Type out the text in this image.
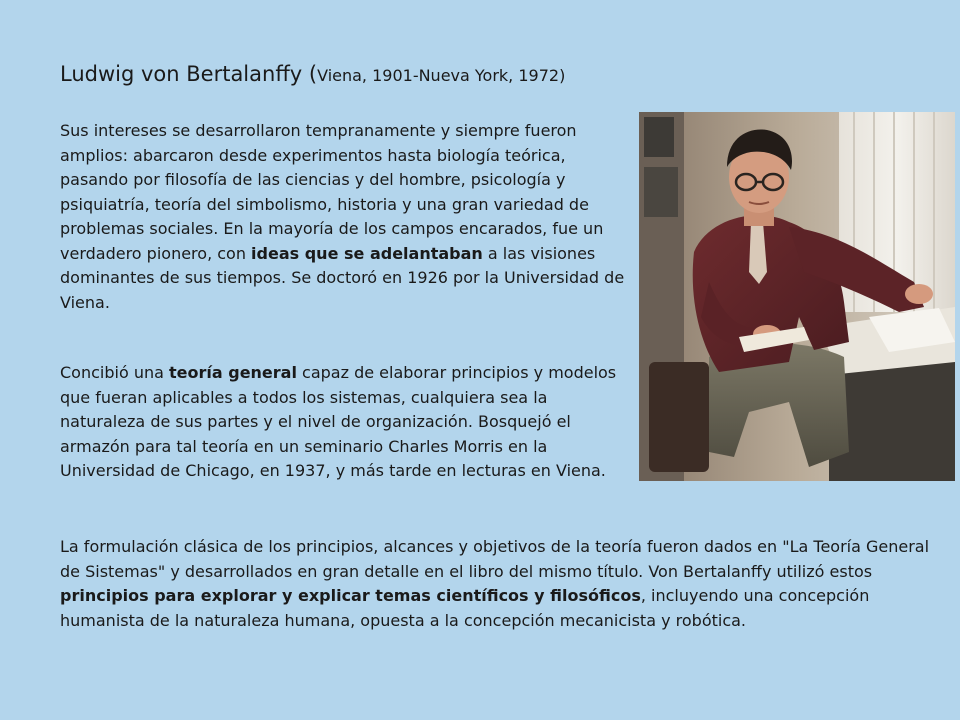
Ludwig von Bertalanffy (Viena, 1901-Nueva York, 1972)

Sus intereses se desarrollaron tempranamente y siempre fueron amplios: abarcaron desde experimentos hasta biología teórica, pasando por filosofía de las ciencias y del hombre, psicología y psiquiatría, teoría del simbolismo, historia y una gran variedad de problemas sociales. En la mayoría de los campos encarados, fue un verdadero pionero, con ideas que se adelantaban a las visiones dominantes de sus tiempos. Se doctoró en 1926 por la Universidad de Viena.

Concibió una teoría general capaz de elaborar principios y modelos que fueran aplicables a todos los sistemas, cualquiera sea la naturaleza de sus partes y el nivel de organización. Bosquejó el armazón para tal teoría en un seminario Charles Morris en la Universidad de Chicago, en 1937, y más tarde en lecturas en Viena.

La formulación clásica de los principios, alcances y objetivos de la teoría fueron dados en "La Teoría General de Sistemas" y desarrollados en gran detalle en el libro del mismo título. Von Bertalanffy utilizó estos principios para explorar y explicar temas científicos y filosóficos, incluyendo una concepción humanista de la naturaleza humana, opuesta a la concepción mecanicista y robótica.
